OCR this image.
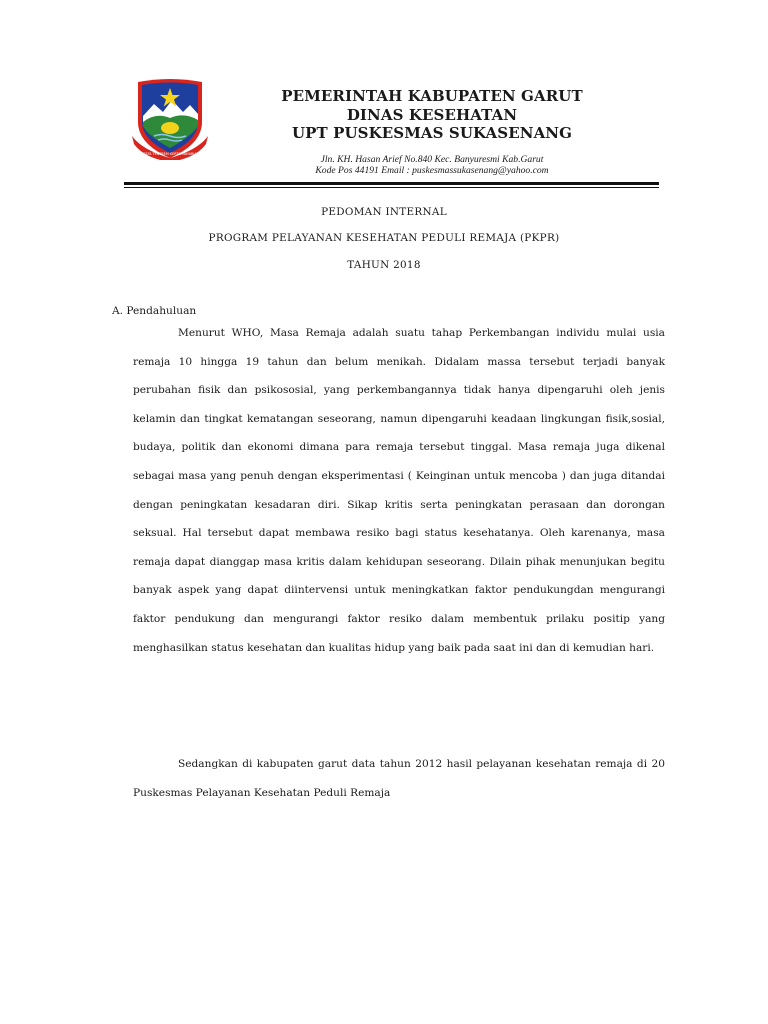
TATA TENTREM KERTA RAHARJA
PEMERINTAH KABUPATEN GARUT
DINAS KESEHATAN
UPT PUSKESMAS SUKASENANG
Jln. KH. Hasan Arief No.840 Kec. Banyuresmi Kab.Garut
Kode Pos 44191 Email : puskesmassukasenang@yahoo.com
PEDOMAN INTERNAL
PROGRAM PELAYANAN KESEHATAN PEDULI REMAJA (PKPR)
TAHUN 2018
A. Pendahuluan
Menurut WHO, Masa Remaja adalah suatu tahap Perkembangan individu mulai usia remaja 10 hingga 19 tahun dan belum menikah. Didalam massa tersebut terjadi banyak perubahan fisik dan psikososial, yang perkembangannya tidak hanya dipengaruhi oleh jenis kelamin dan tingkat kematangan seseorang, namun dipengaruhi keadaan lingkungan fisik,sosial, budaya, politik dan ekonomi dimana para remaja tersebut tinggal. Masa remaja juga dikenal sebagai masa yang penuh dengan eksperimentasi ( Keinginan untuk mencoba ) dan juga ditandai dengan peningkatan kesadaran diri. Sikap kritis serta peningkatan perasaan dan dorongan seksual. Hal tersebut dapat membawa resiko bagi status kesehatanya. Oleh karenanya, masa remaja dapat dianggap masa kritis dalam kehidupan seseorang. Dilain pihak menunjukan begitu banyak aspek yang dapat diintervensi untuk meningkatkan faktor pendukungdan mengurangi faktor pendukung dan mengurangi faktor resiko dalam membentuk prilaku positip yang menghasilkan status kesehatan dan kualitas hidup yang baik pada saat ini dan di kemudian hari.
Sedangkan di kabupaten garut data tahun 2012 hasil pelayanan kesehatan remaja di 20 Puskesmas Pelayanan Kesehatan Peduli Remaja
